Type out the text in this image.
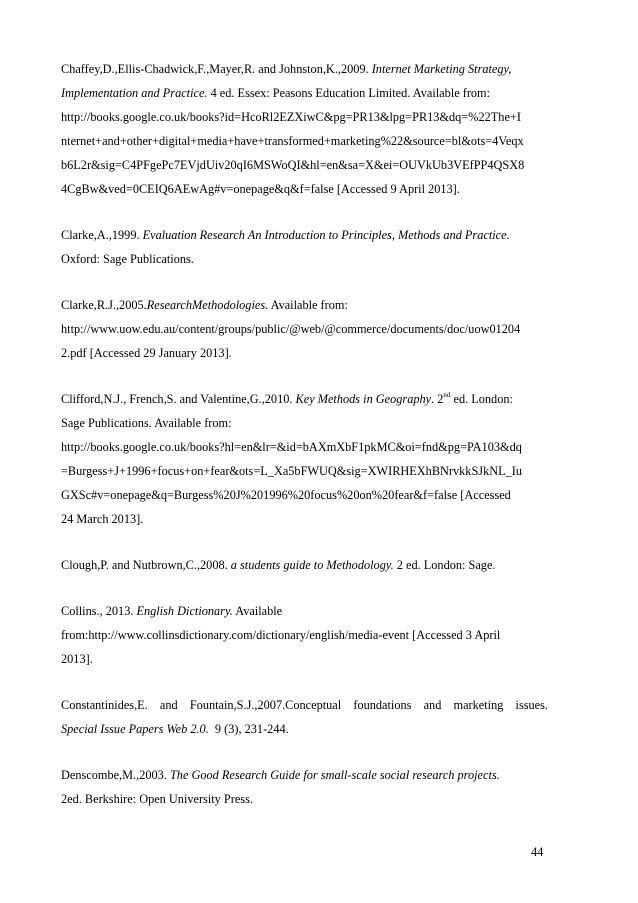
Chaffey,D.,Ellis-Chadwick,F.,Mayer,R. and Johnston,K.,2009. Internet Marketing Strategy,
Implementation and Practice. 4 ed. Essex: Peasons Education Limited. Available from:
http://books.google.co.uk/books?id=HcoRl2EZXiwC&pg=PR13&lpg=PR13&dq=%22The+I
nternet+and+other+digital+media+have+transformed+marketing%22&source=bl&ots=4Veqx
b6L2r&sig=C4PFgePc7EVjdUiv20qI6MSWoQI&hl=en&sa=X&ei=OUVkUb3VEfPP4QSX8
4CgBw&ved=0CEIQ6AEwAg#v=onepage&q&f=false [Accessed 9 April 2013].
Clarke,A.,1999. Evaluation Research An Introduction to Principles, Methods and Practice.
Oxford: Sage Publications.
Clarke,R.J.,2005.ResearchMethodologies. Available from:
http://www.uow.edu.au/content/groups/public/@web/@commerce/documents/doc/uow01204
2.pdf [Accessed 29 January 2013].
Clifford,N.J., French,S. and Valentine,G.,2010. Key Methods in Geography. 2nd ed. London:
Sage Publications. Available from:
http://books.google.co.uk/books?hl=en&lr=&id=bAXmXbF1pkMC&oi=fnd&pg=PA103&dq
=Burgess+J+1996+focus+on+fear&ots=L_Xa5bFWUQ&sig=XWIRHEXhBNrvkkSJkNL_Iu
GXSc#v=onepage&q=Burgess%20J%201996%20focus%20on%20fear&f=false [Accessed
24 March 2013].
Clough,P. and Nutbrown,C.,2008. a students guide to Methodology. 2 ed. London: Sage.
Collins., 2013. English Dictionary. Available
from:http://www.collinsdictionary.com/dictionary/english/media-event [Accessed 3 April
2013].
Constantinides,E. and Fountain,S.J.,2007.Conceptual foundations and marketing issues.
Special Issue Papers Web 2.0.  9 (3), 231-244.
Denscombe,M.,2003. The Good Research Guide for small-scale social research projects.
2ed. Berkshire: Open University Press.
44
